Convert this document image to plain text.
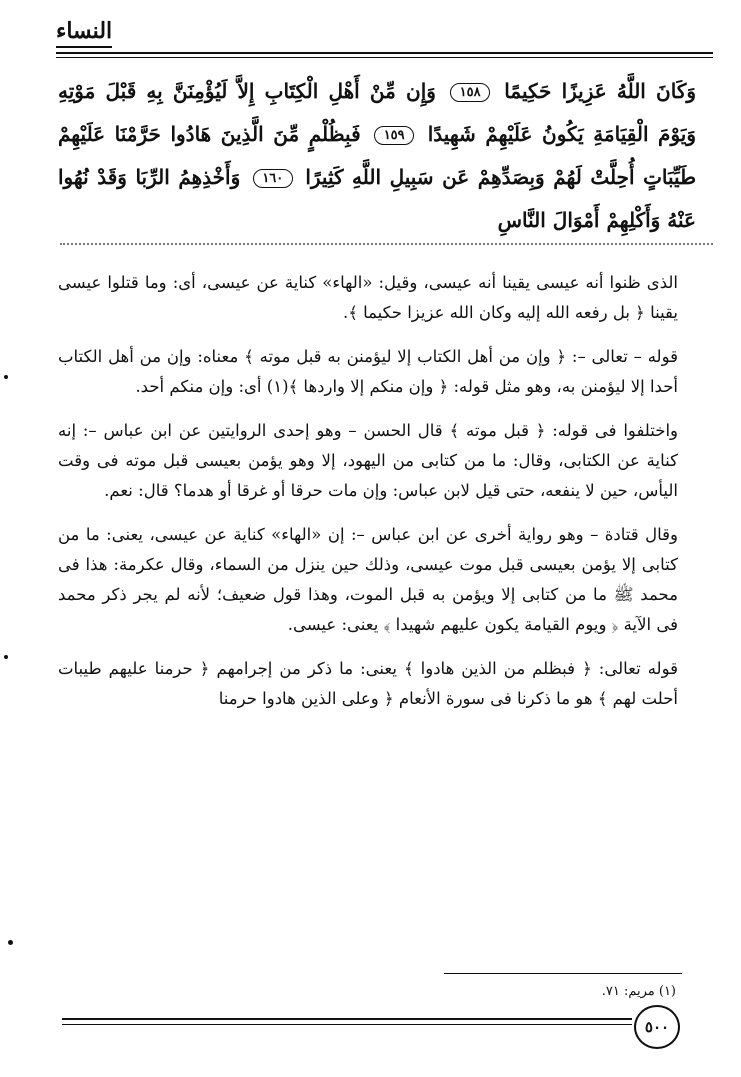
النساء
وَكَانَ اللَّهُ عَزِيزًا حَكِيمًا ١٥٨ وَإِن مِّنْ أَهْلِ الْكِتَابِ إِلاَّ لَيُؤْمِنَنَّ بِهِ قَبْلَ مَوْتِهِ وَيَوْمَ الْقِيَامَةِ يَكُونُ عَلَيْهِمْ شَهِيدًا ١٥٩ فَبِظُلْمٍ مِّنَ الَّذِينَ هَادُوا حَرَّمْنَا عَلَيْهِمْ طَيِّبَاتٍ أُحِلَّتْ لَهُمْ وَبِصَدِّهِمْ عَن سَبِيلِ اللَّهِ كَثِيرًا ١٦٠ وَأَخْذِهِمُ الرِّبَا وَقَدْ نُهُوا عَنْهُ وَأَكْلِهِمْ أَمْوَالَ النَّاسِ

الذى ظنوا أنه عيسى يقينا أنه عيسى، وقيل: «الهاء» كناية عن عيسى، أى: وما قتلوا عيسى يقينا ﴿ بل رفعه الله إليه وكان الله عزيزا حكيما ﴾.

قوله – تعالى –: ﴿ وإن من أهل الكتاب إلا ليؤمنن به قبل موته ﴾ معناه: وإن من أهل الكتاب أحدا إلا ليؤمنن به، وهو مثل قوله: ﴿ وإن منكم إلا واردها ﴾(١) أى: وإن منكم أحد.

واختلفوا فى قوله: ﴿ قبل موته ﴾ قال الحسن – وهو إحدى الروايتين عن ابن عباس –: إنه كناية عن الكتابى، وقال: ما من كتابى من اليهود، إلا وهو يؤمن بعيسى قبل موته فى وقت اليأس، حين لا ينفعه، حتى قيل لابن عباس: وإن مات حرقا أو غرقا أو هدما؟ قال: نعم.

وقال قتادة – وهو رواية أخرى عن ابن عباس –: إن «الهاء» كناية عن عيسى، يعنى: ما من كتابى إلا يؤمن بعيسى قبل موت عيسى، وذلك حين ينزل من السماء، وقال عكرمة: هذا فى محمد ﷺ ما من كتابى إلا ويؤمن به قبل الموت، وهذا قول ضعيف؛ لأنه لم يجر ذكر محمد فى الآية ﴿ ويوم القيامة يكون عليهم شهيدا ﴾ يعنى: عيسى.

قوله تعالى: ﴿ فبظلم من الذين هادوا ﴾ يعنى: ما ذكر من إجرامهم ﴿ حرمنا عليهم طيبات أحلت لهم ﴾ هو ما ذكرنا فى سورة الأنعام ﴿ وعلى الذين هادوا حرمنا

(١) مريم: ٧١.
٥٠٠
